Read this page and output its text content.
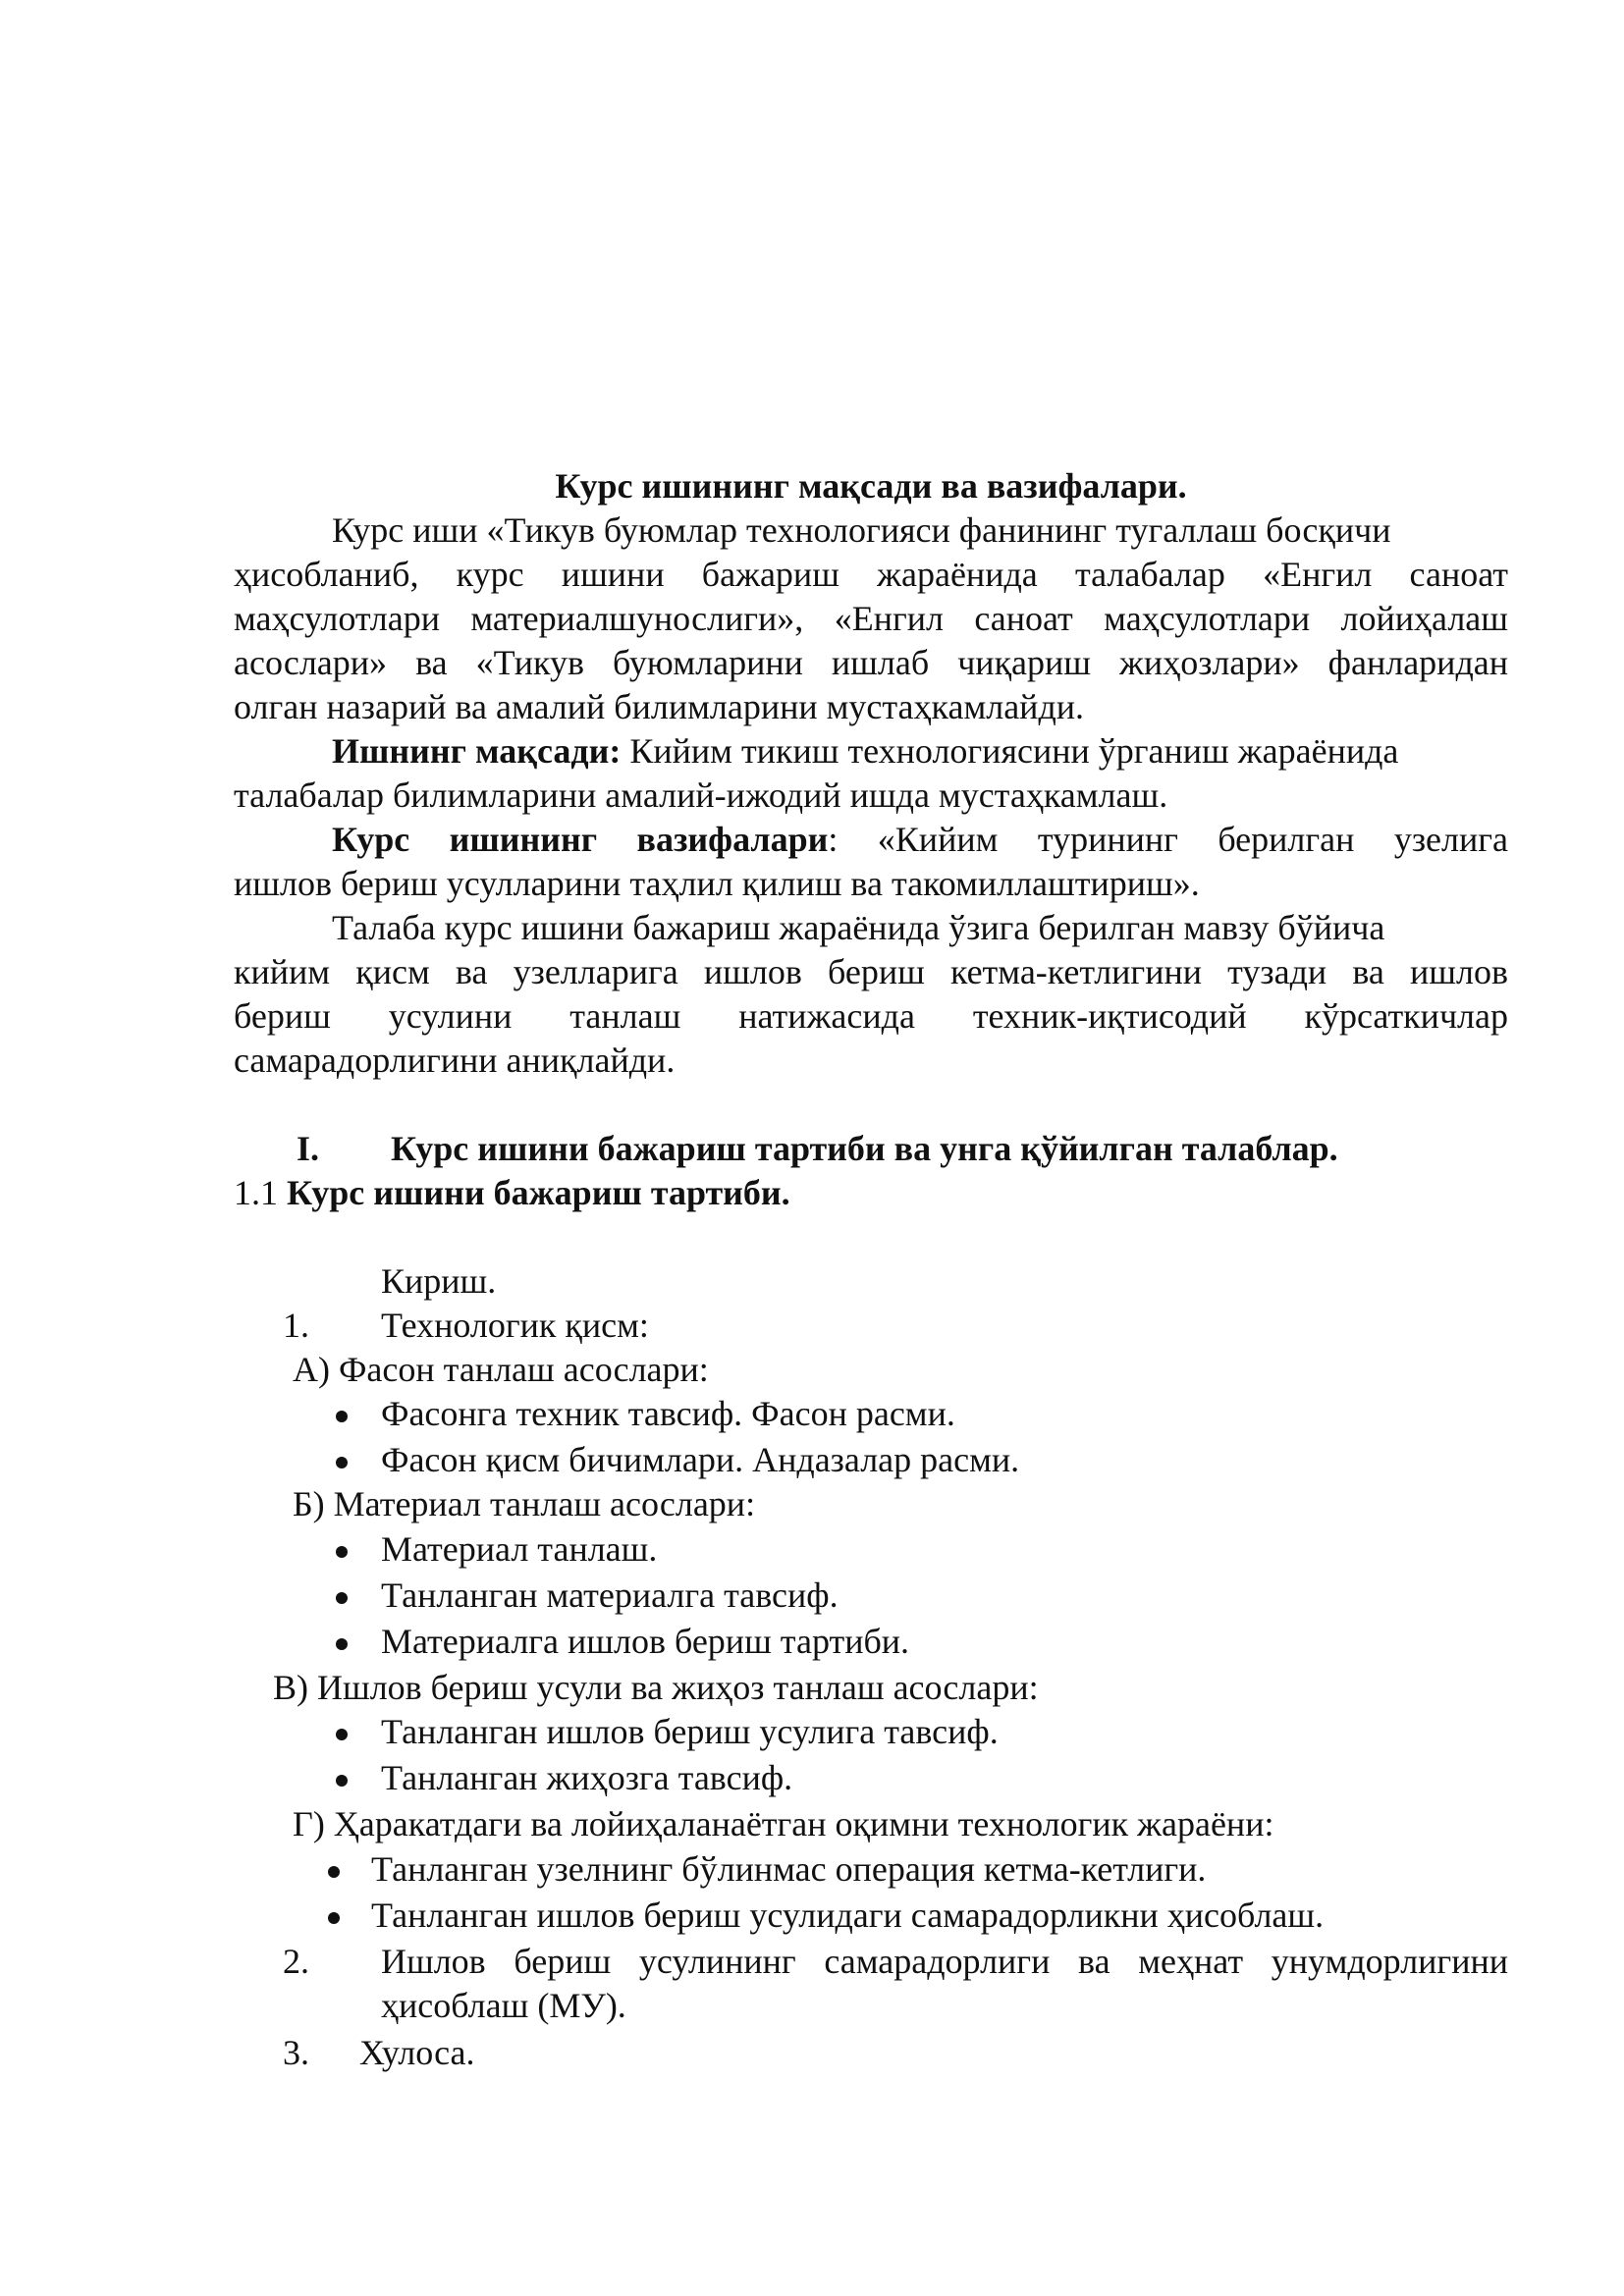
Курс ишининг мақсади ва вазифалари.
Курс иши «Тикув буюмлар технологияси фанининг тугаллаш босқичи
ҳисобланиб, курс ишини бажариш жараёнида талабалар «Енгил саноат
маҳсулотлари материалшунослиги», «Енгил саноат маҳсулотлари лойиҳалаш
асослари» ва «Тикув буюмларини ишлаб чиқариш жиҳозлари» фанларидан
олган назарий ва амалий билимларини мустаҳкамлайди.
Ишнинг мақсади: Кийим тикиш технологиясини ўрганиш жараёнида
талабалар билимларини амалий-ижодий ишда мустаҳкамлаш.
Курс ишининг вазифалари: «Кийим турининг берилган узелига
ишлов бериш усулларини таҳлил қилиш ва такомиллаштириш».
Талаба курс ишини бажариш жараёнида ўзига берилган мавзу бўйича
кийим қисм ва узелларига ишлов бериш кетма-кетлигини тузади ва ишлов
бериш усулини танлаш натижасида техник-иқтисодий кўрсаткичлар
самарадорлигини аниқлайди.
I. Курс ишини бажариш тартиби ва унга қўйилган талаблар.
1.1 Курс ишини бажариш тартиби.
Кириш.
1. Технологик қисм:
А) Фасон танлаш асослари:
Фасонга техник тавсиф. Фасон расми.
Фасон қисм бичимлари. Андазалар расми.
Б) Материал танлаш асослари:
Материал танлаш.
Танланган материалга тавсиф.
Материалга ишлов бериш тартиби.
В) Ишлов бериш усули ва жиҳоз танлаш асослари:
Танланган ишлов бериш усулига тавсиф.
Танланган жиҳозга тавсиф.
Г) Ҳаракатдаги ва лойиҳаланаётган оқимни технологик жараёни:
Танланган узелнинг бўлинмас операция кетма-кетлиги.
Танланган ишлов бериш усулидаги самарадорликни ҳисоблаш.
2. Ишлов бериш усулининг самарадорлиги ва меҳнат унумдорлигини
ҳисоблаш (МУ).
3. Хулоса.
